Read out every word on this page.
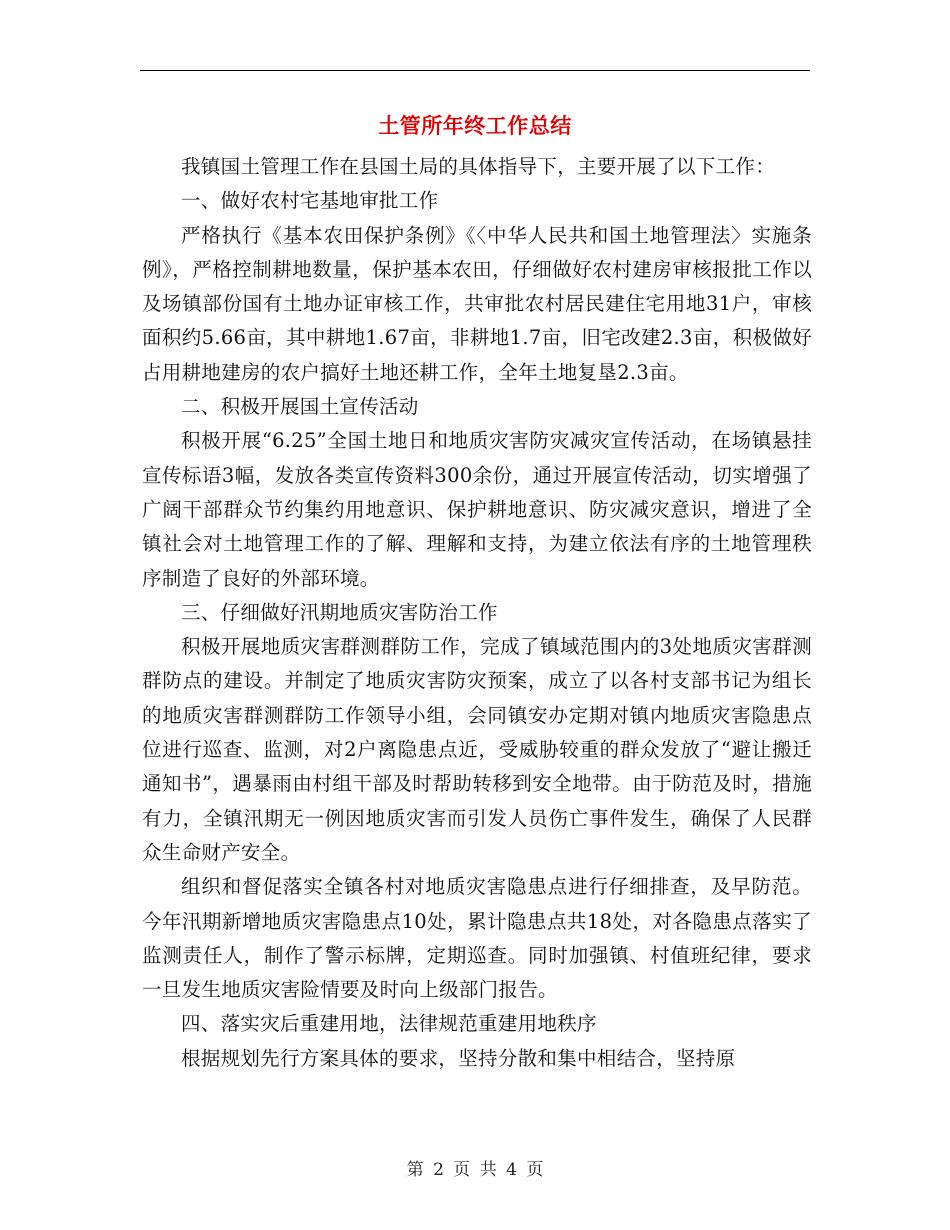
土管所年终工作总结

我镇国土管理工作在县国土局的具体指导下，主要开展了以下工作：

一、做好农村宅基地审批工作

严格执行《基本农田保护条例》《〈中华人民共和国土地管理法〉实施条例》，严格控制耕地数量，保护基本农田，仔细做好农村建房审核报批工作以及场镇部份国有土地办证审核工作，共审批农村居民建住宅用地31户，审核面积约5.66亩，其中耕地1.67亩，非耕地1.7亩，旧宅改建2.3亩，积极做好占用耕地建房的农户搞好土地还耕工作，全年土地复垦2.3亩。

二、积极开展国土宣传活动

积极开展“6.25”全国土地日和地质灾害防灾减灾宣传活动，在场镇悬挂宣传标语3幅，发放各类宣传资料300余份，通过开展宣传活动，切实增强了广阔干部群众节约集约用地意识、保护耕地意识、防灾减灾意识，增进了全镇社会对土地管理工作的了解、理解和支持，为建立依法有序的土地管理秩序制造了良好的外部环境。

三、仔细做好汛期地质灾害防治工作

积极开展地质灾害群测群防工作，完成了镇域范围内的3处地质灾害群测群防点的建设。并制定了地质灾害防灾预案，成立了以各村支部书记为组长的地质灾害群测群防工作领导小组，会同镇安办定期对镇内地质灾害隐患点位进行巡查、监测，对2户离隐患点近，受威胁较重的群众发放了“避让搬迁通知书”，遇暴雨由村组干部及时帮助转移到安全地带。由于防范及时，措施有力，全镇汛期无一例因地质灾害而引发人员伤亡事件发生，确保了人民群众生命财产安全。

组织和督促落实全镇各村对地质灾害隐患点进行仔细排查，及早防范。今年汛期新增地质灾害隐患点10处，累计隐患点共18处，对各隐患点落实了监测责任人，制作了警示标牌，定期巡查。同时加强镇、村值班纪律，要求一旦发生地质灾害险情要及时向上级部门报告。

四、落实灾后重建用地，法律规范重建用地秩序

根据规划先行方案具体的要求，坚持分散和集中相结合，坚持原

第 2 页 共 4 页
